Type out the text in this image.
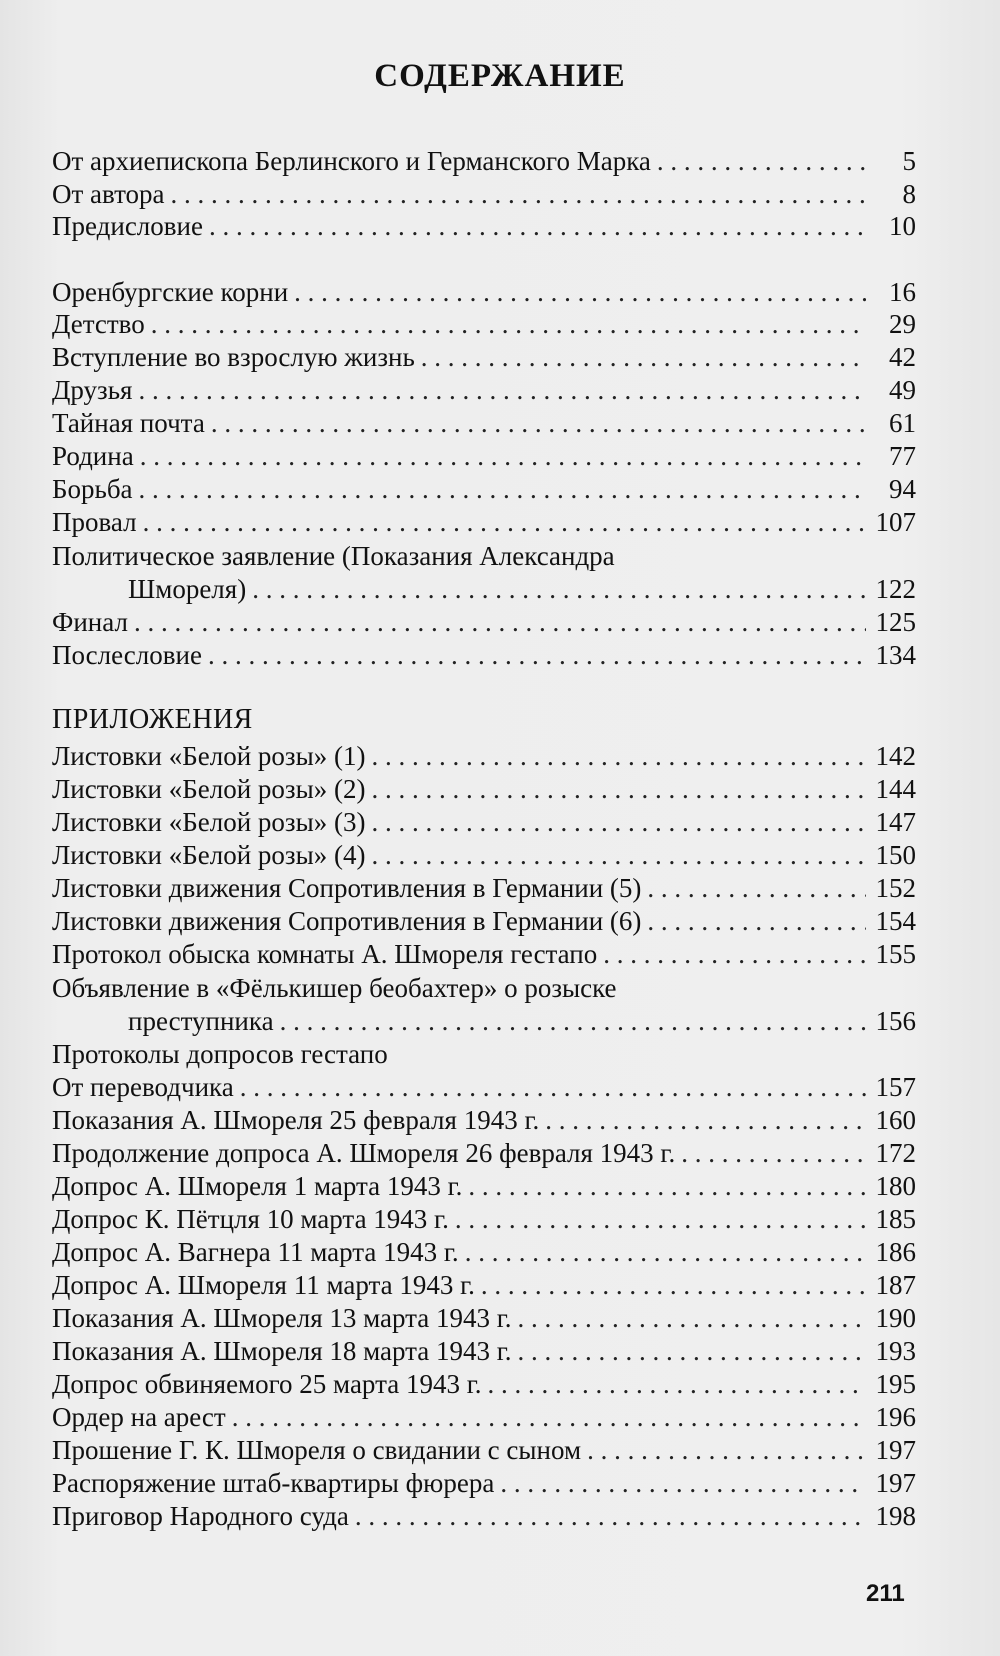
СОДЕРЖАНИЕ
От архиепископа Берлинского и Германского Марка . . .	5
От автора . . .	8
Предисловие . . .	10
Оренбургские корни . . .	16
Детство . . .	29
Вступление во взрослую жизнь . . .	42
Друзья . . .	49
Тайная почта . . .	61
Родина . . .	77
Борьба . . .	94
Провал . . .	107
Политическое заявление (Показания Александра
Шмореля) . . .	122
Финал . . .	125
Послесловие . . .	134
ПРИЛОЖЕНИЯ
Листовки «Белой розы» (1) . . .	142
Листовки «Белой розы» (2) . . .	144
Листовки «Белой розы» (3) . . .	147
Листовки «Белой розы» (4) . . .	150
Листовки движения Сопротивления в Германии (5) . . .	152
Листовки движения Сопротивления в Германии (6) . . .	154
Протокол обыска комнаты А. Шмореля гестапо . . .	155
Объявление в «Фёлькишер беобахтер» о розыске
преступника . . .	156
Протоколы допросов гестапо
От переводчика . . .	157
Показания А. Шмореля 25 февраля 1943 г. . . .	160
Продолжение допроса А. Шмореля 26 февраля 1943 г. . . .	172
Допрос А. Шмореля 1 марта 1943 г. . . .	180
Допрос К. Пётцля 10 марта 1943 г. . . .	185
Допрос А. Вагнера 11 марта 1943 г. . . .	186
Допрос А. Шмореля 11 марта 1943 г. . . .	187
Показания А. Шмореля 13 марта 1943 г. . . .	190
Показания А. Шмореля 18 марта 1943 г. . . .	193
Допрос обвиняемого 25 марта 1943 г. . . .	195
Ордер на арест . . .	196
Прошение Г. К. Шмореля о свидании с сыном . . .	197
Распоряжение штаб-квартиры фюрера . . .	197
Приговор Народного суда . . .	198
211
